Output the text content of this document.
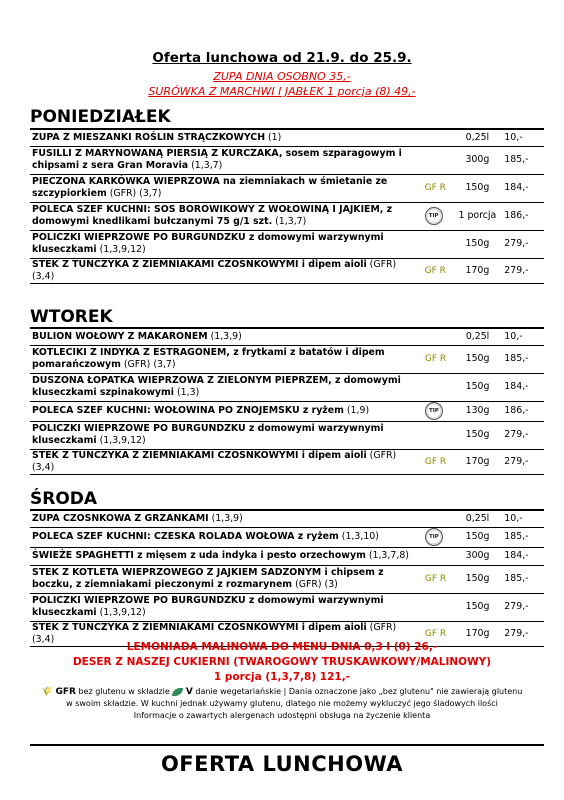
Oferta lunchowa od 21.9. do 25.9.
ZUPA DNIA OSOBNO 35,-
SURÓWKA Z MARCHWI I JABŁEK 1 porcja (8) 49,-
PONIEDZIAŁEK
ZUPA Z MIESZANKI ROŚLIN STRĄCZKOWYCH (1)		0,25l	10,-
FUSILLI Z MARYNOWANĄ PIERSIĄ Z KURCZAKA, sosem szparagowym i chipsami z sera Gran Moravia (1,3,7)		300g	185,-
PIECZONA KARKÓWKA WIEPRZOWA na ziemniakach w śmietanie ze szczypiorkiem (GFR) (3,7)	GF R	150g	184,-
POLECA SZEF KUCHNI: SOS BOROWIKOWY Z WOŁOWINĄ I JAJKIEM, z domowymi knedlikami bułczanymi 75 g/1 szt. (1,3,7)	TIP	1 porcja	186,-
POLICZKI WIEPRZOWE PO BURGUNDZKU z domowymi warzywnymi kluseczkami (1,3,9,12)		150g	279,-
STEK Z TUŃCZYKA Z ZIEMNIAKAMI CZOSNKOWYMI i dipem aioli (GFR) (3,4)	GF R	170g	279,-
WTOREK
BULION WOŁOWY Z MAKARONEM (1,3,9)		0,25l	10,-
KOTLECIKI Z INDYKA Z ESTRAGONEM, z frytkami z batatów i dipem pomarańczowym (GFR) (3,7)	GF R	150g	185,-
DUSZONA ŁOPATKA WIEPRZOWA Z ZIELONYM PIEPRZEM, z domowymi kluseczkami szpinakowymi (1,3)		150g	184,-
POLECA SZEF KUCHNI: WOŁOWINA PO ZNOJEMSKU z ryżem (1,9)	TIP	130g	186,-
POLICZKI WIEPRZOWE PO BURGUNDZKU z domowymi warzywnymi kluseczkami (1,3,9,12)		150g	279,-
STEK Z TUŃCZYKA Z ZIEMNIAKAMI CZOSNKOWYMI i dipem aioli (GFR) (3,4)	GF R	170g	279,-
ŚRODA
ZUPA CZOSNKOWA Z GRZANKAMI (1,3,9)		0,25l	10,-
POLECA SZEF KUCHNI: CZESKA ROLADA WOŁOWA z ryżem (1,3,10)	TIP	150g	185,-
ŚWIEŻE SPAGHETTI z mięsem z uda indyka i pesto orzechowym (1,3,7,8)		300g	184,-
STEK Z KOTLETA WIEPRZOWEGO Z JAJKIEM SADZONYM i chipsem z boczku, z ziemniakami pieczonymi z rozmarynem (GFR) (3)	GF R	150g	185,-
POLICZKI WIEPRZOWE PO BURGUNDZKU z domowymi warzywnymi kluseczkami (1,3,9,12)		150g	279,-
STEK Z TUŃCZYKA Z ZIEMNIAKAMI CZOSNKOWYMI i dipem aioli (GFR) (3,4)	GF R	170g	279,-
LEMONIADA MALINOWA DO MENU DNIA 0,3 l (0) 26,-
DESER Z NASZEJ CUKIERNI (TWAROGOWY TRUSKAWKOWY/MALINOWY)
1 porcja (1,3,7,8) 121,-
🌾 GFR bez glutenu w składzie  V danie wegetariańskie | Dania oznaczone jako „bez glutenu" nie zawierają glutenu w swoim składzie. W kuchni jednak używamy glutenu, dlatego nie możemy wykluczyć jego śladowych ilości
Informacje o zawartych alergenach udostępni obsługa na życzenie klienta
OFERTA LUNCHOWA
